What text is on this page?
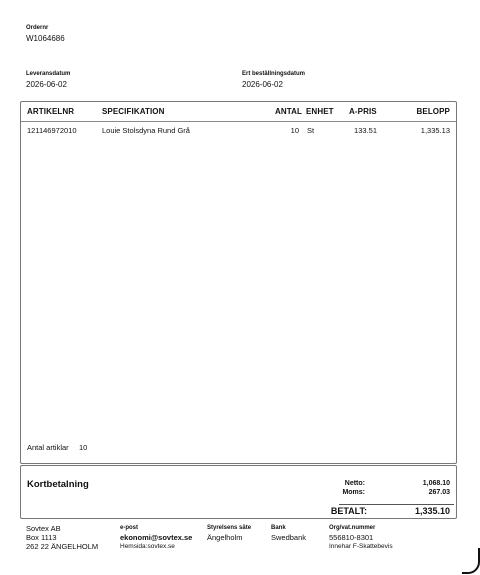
Ordernr
W1064686
Leveransdatum
2026-06-02
Ert beställningsdatum
2026-06-02
ARTIKELNR	SPECIFIKATION	ANTAL ENHET A-PRIS	BELOPP
121146972010	Louie Stolsdyna Rund Grå	10 St	133.51	1,335.13
Antal artiklar 10
Kortbetalning	Netto:	1,068.10
Moms:	267.03
BETALT:	1,335.10
Sovtex AB
Box 1113
262 22 ÄNGELHOLM
e-post
ekonomi@sovtex.se
Hemsida:sovtex.se
Styrelsens säte
Ängelholm
Bank
Swedbank
Org/vat.nummer
556810-8301
Innehar F-Skattebevis
